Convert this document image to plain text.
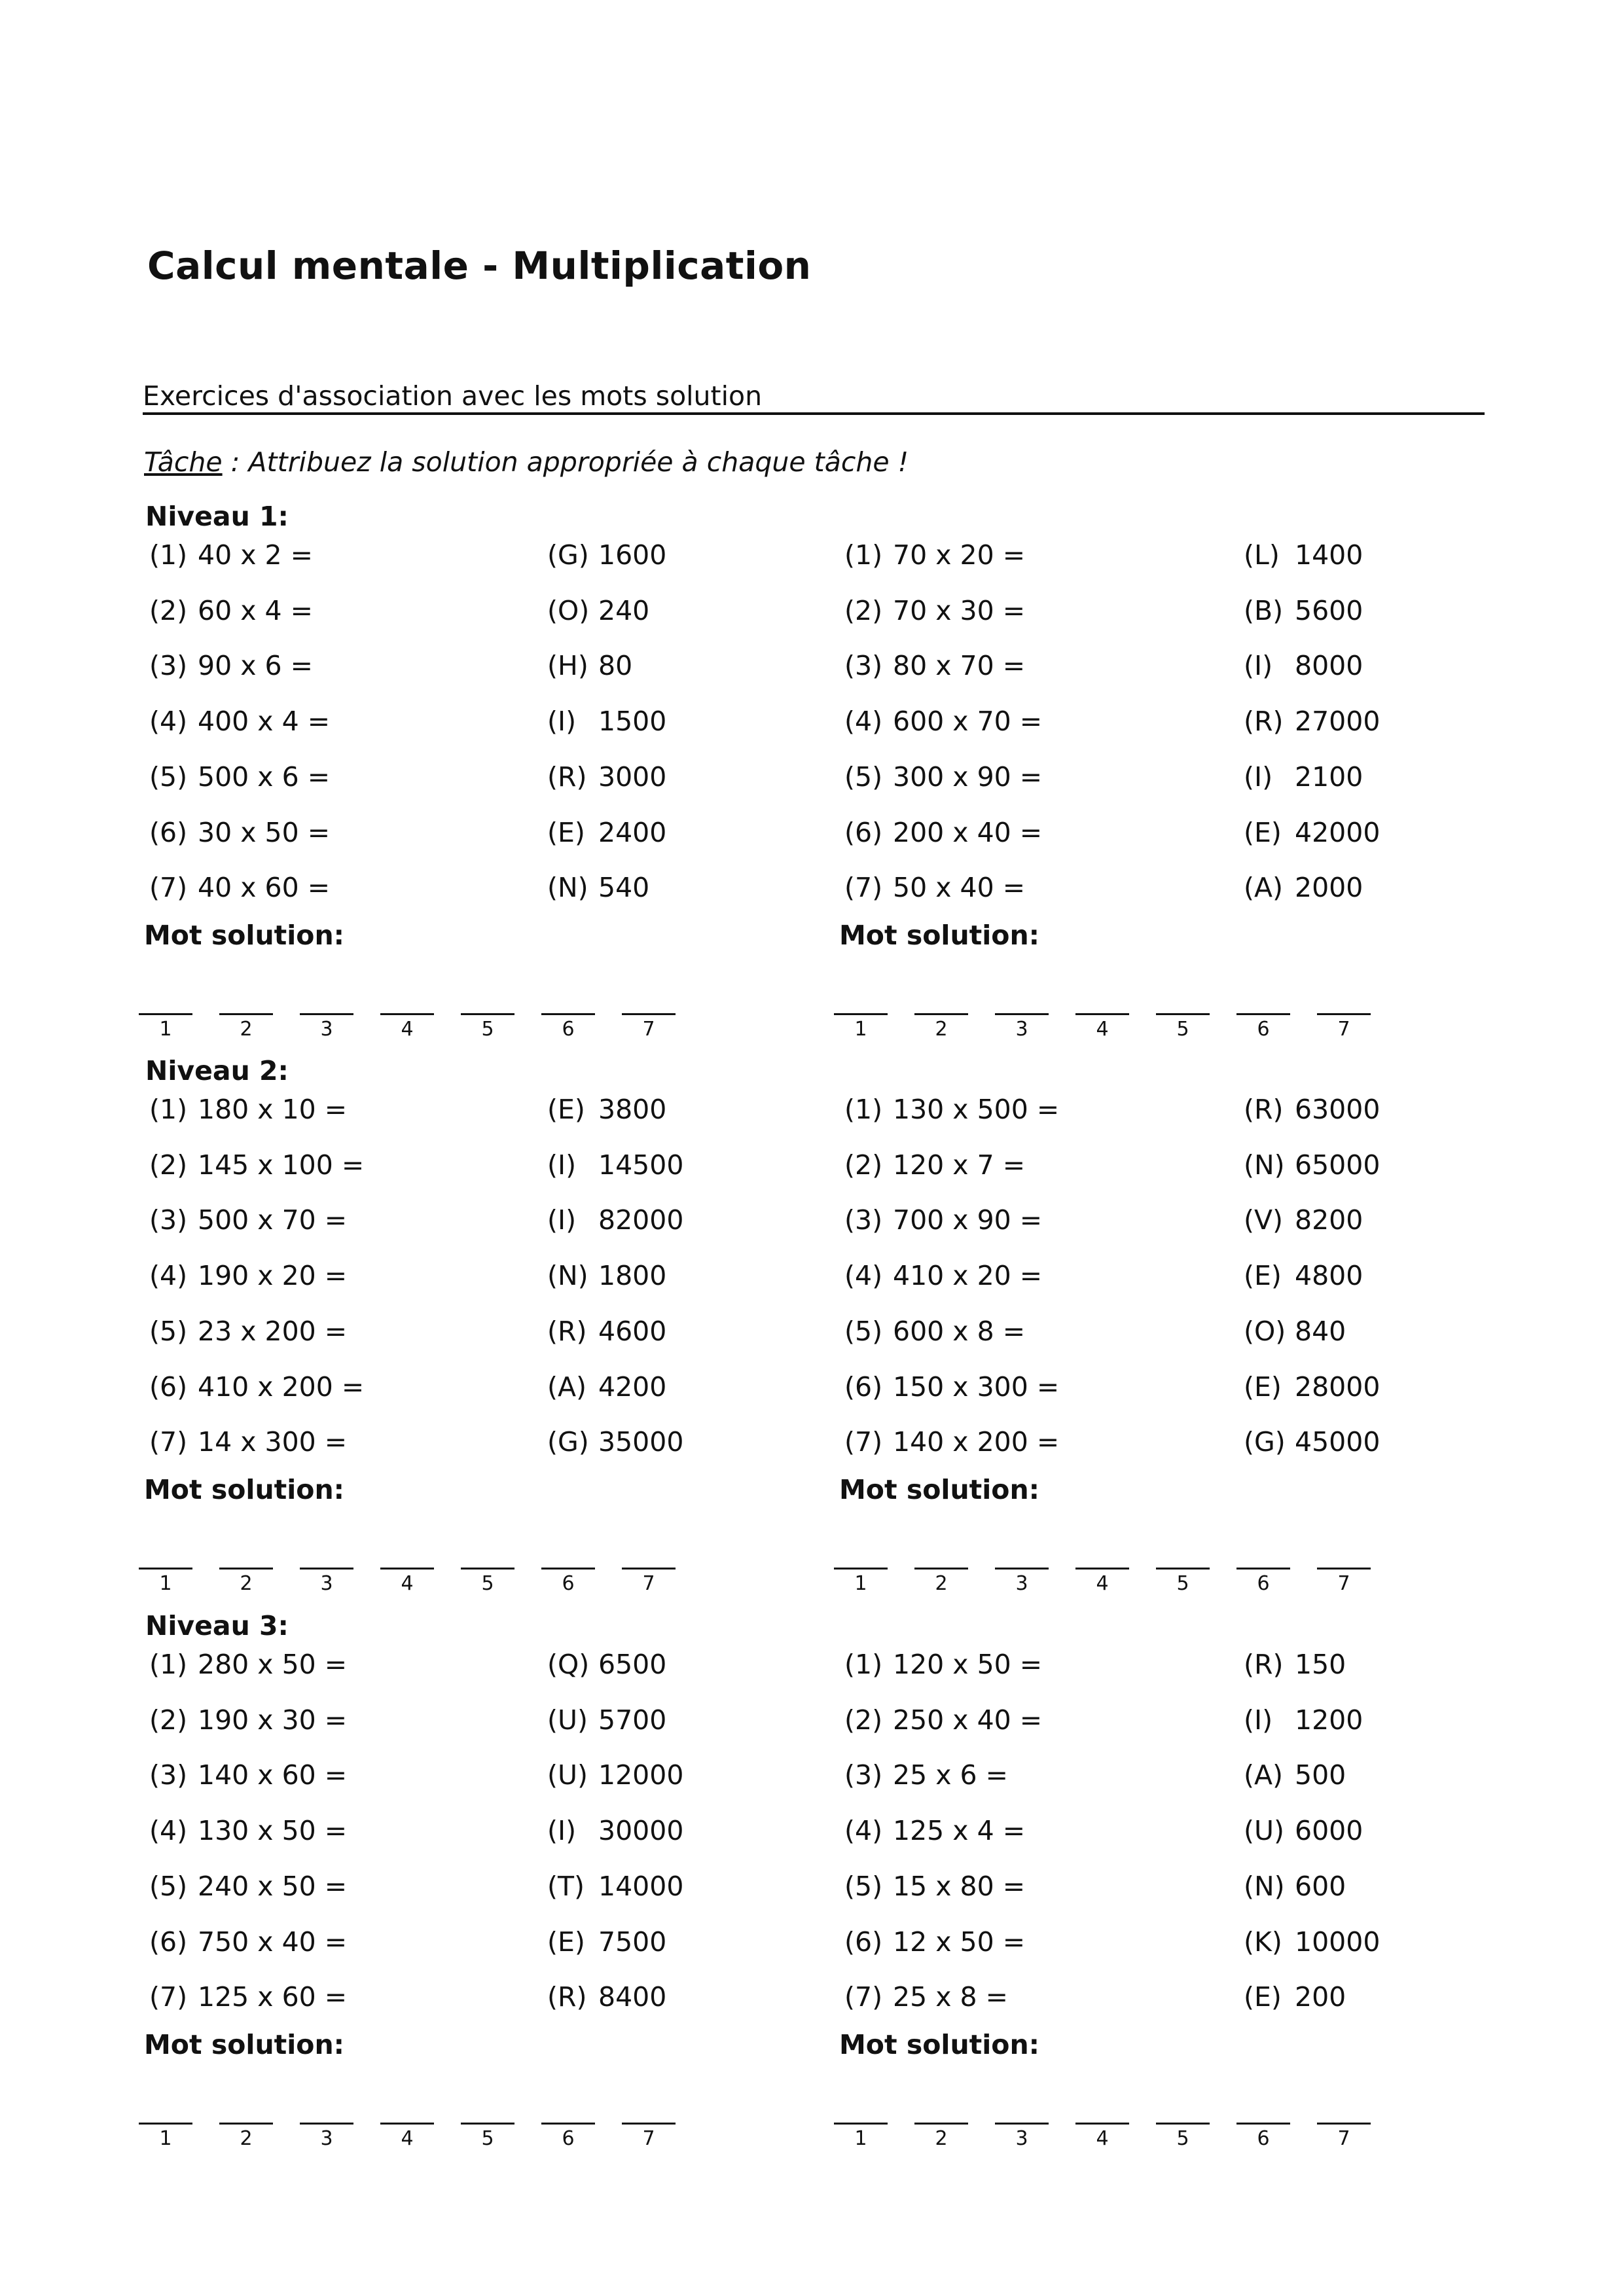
Calcul mentale - Multiplication
Exercices d'association avec les mots solution
Tâche : Attribuez la solution appropriée à chaque tâche !
Niveau 1:
(1) 40 x 2 =	(G) 1600
(2) 60 x 4 =	(O) 240
(3) 90 x 6 =	(H) 80
(4) 400 x 4 =	(I) 1500
(5) 500 x 6 =	(R) 3000
(6) 30 x 50 =	(E) 2400
(7) 40 x 60 =	(N) 540
Mot solution:
1	2	3	4	5	6	7
(1) 70 x 20 =	(L) 1400
(2) 70 x 30 =	(B) 5600
(3) 80 x 70 =	(I) 8000
(4) 600 x 70 =	(R) 27000
(5) 300 x 90 =	(I) 2100
(6) 200 x 40 =	(E) 42000
(7) 50 x 40 =	(A) 2000
Mot solution:
1	2	3	4	5	6	7
Niveau 2:
(1) 180 x 10 =	(E) 3800
(2) 145 x 100 =	(I) 14500
(3) 500 x 70 =	(I) 82000
(4) 190 x 20 =	(N) 1800
(5) 23 x 200 =	(R) 4600
(6) 410 x 200 =	(A) 4200
(7) 14 x 300 =	(G) 35000
Mot solution:
1	2	3	4	5	6	7
(1) 130 x 500 =	(R) 63000
(2) 120 x 7 =	(N) 65000
(3) 700 x 90 =	(V) 8200
(4) 410 x 20 =	(E) 4800
(5) 600 x 8 =	(O) 840
(6) 150 x 300 =	(E) 28000
(7) 140 x 200 =	(G) 45000
Mot solution:
1	2	3	4	5	6	7
Niveau 3:
(1) 280 x 50 =	(Q) 6500
(2) 190 x 30 =	(U) 5700
(3) 140 x 60 =	(U) 12000
(4) 130 x 50 =	(I) 30000
(5) 240 x 50 =	(T) 14000
(6) 750 x 40 =	(E) 7500
(7) 125 x 60 =	(R) 8400
Mot solution:
1	2	3	4	5	6	7
(1) 120 x 50 =	(R) 150
(2) 250 x 40 =	(I) 1200
(3) 25 x 6 =	(A) 500
(4) 125 x 4 =	(U) 6000
(5) 15 x 80 =	(N) 600
(6) 12 x 50 =	(K) 10000
(7) 25 x 8 =	(E) 200
Mot solution:
1	2	3	4	5	6	7
